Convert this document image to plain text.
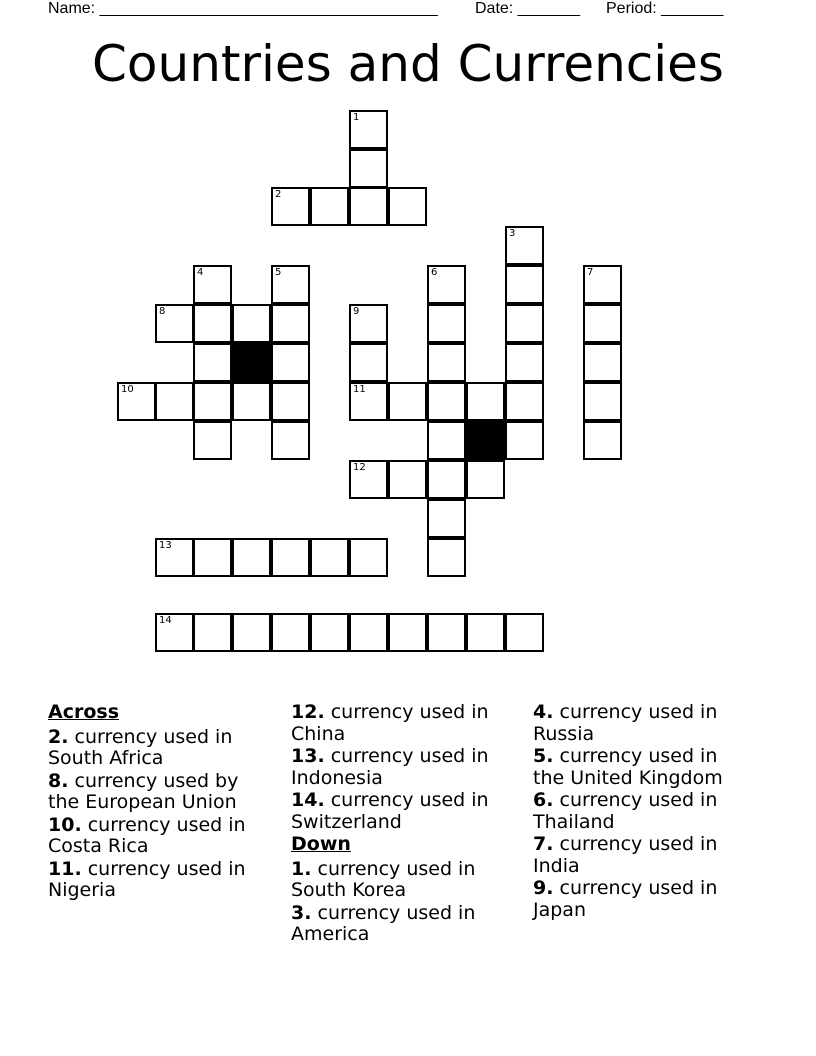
Name: ______________________________________ Date: _______ Period: _______
Countries and Currencies
1
2
3
4	5	6	7
8	9
10	11
12
13
14
Across
2. currency used in South Africa
8. currency used by the European Union
10. currency used in Costa Rica
11. currency used in Nigeria
12. currency used in China
13. currency used in Indonesia
14. currency used in Switzerland
Down
1. currency used in South Korea
3. currency used in America
4. currency used in Russia
5. currency used in the United Kingdom
6. currency used in Thailand
7. currency used in India
9. currency used in Japan
